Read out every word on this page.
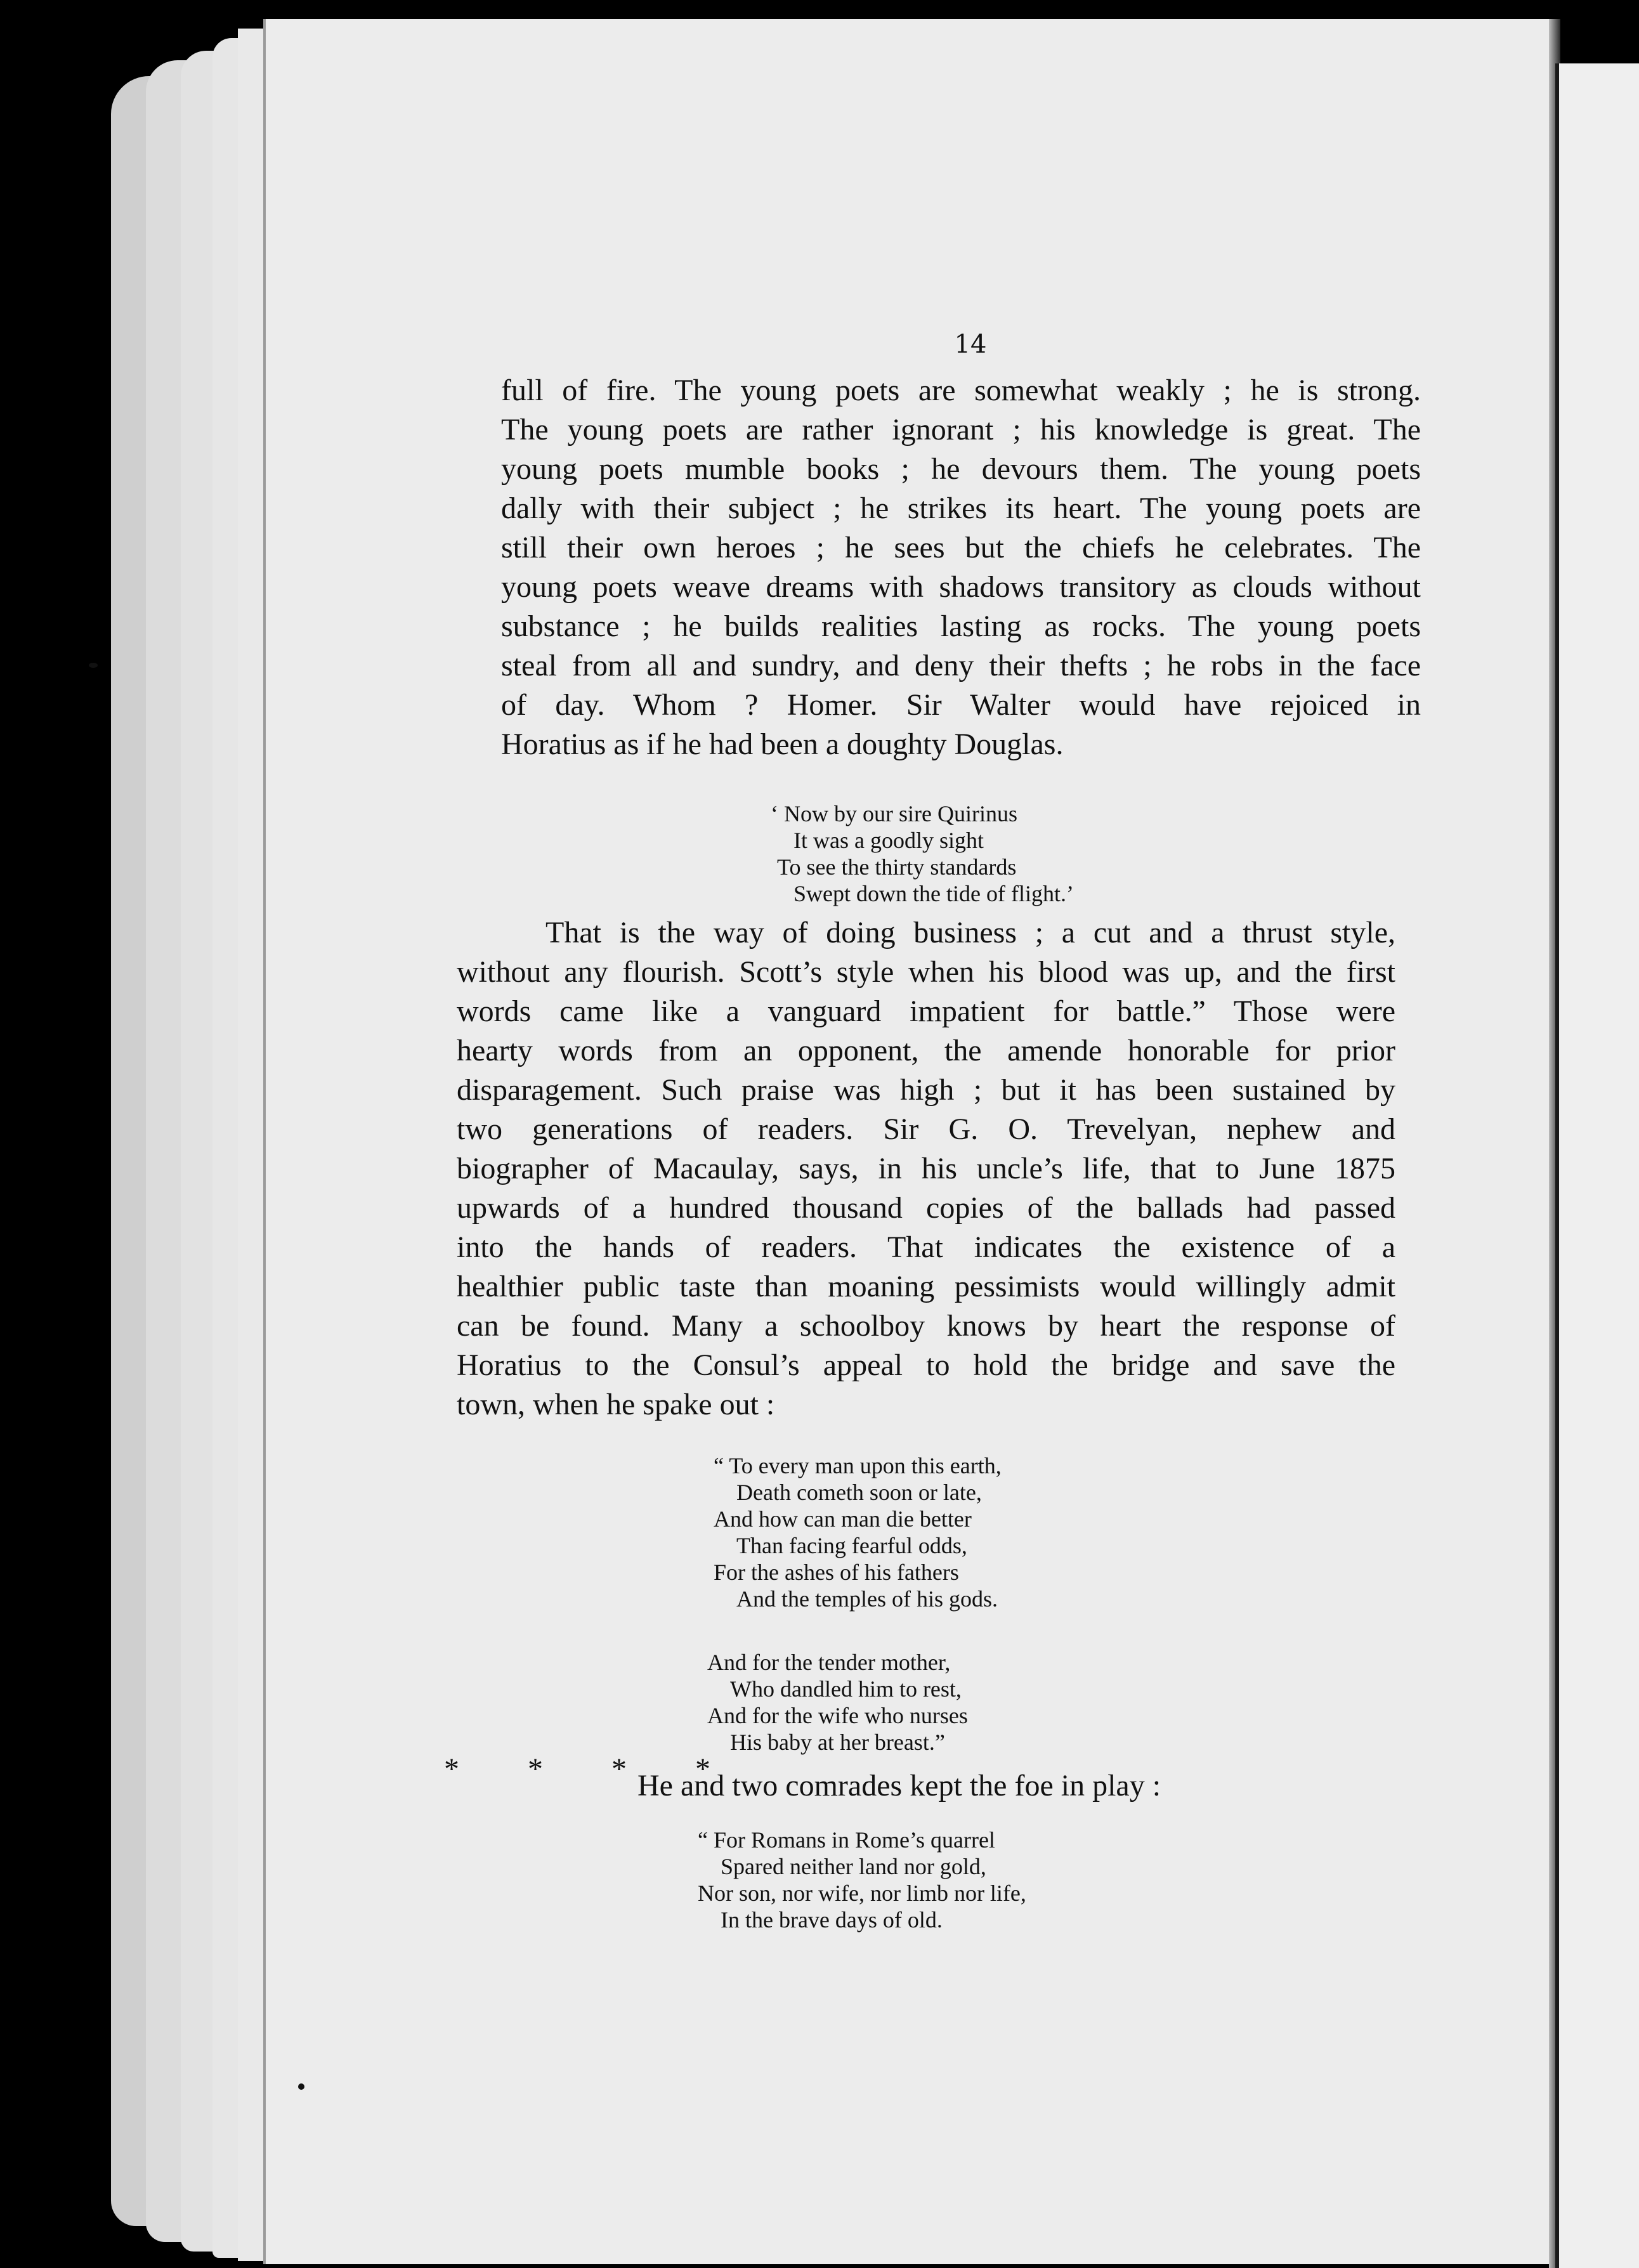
14
full of fire. The young poets are somewhat weakly ; he is strong.
The young poets are rather ignorant ; his knowledge is great. The
young poets mumble books ; he devours them. The young poets
dally with their subject ; he strikes its heart. The young poets are
still their own heroes ; he sees but the chiefs he celebrates. The
young poets weave dreams with shadows transitory as clouds without
substance ; he builds realities lasting as rocks. The young poets
steal from all and sundry, and deny their thefts ; he robs in the face
of day. Whom ? Homer. Sir Walter would have rejoiced in
Horatius as if he had been a doughty Douglas.
‘ Now by our sire Quirinus
It was a goodly sight
To see the thirty standards
Swept down the tide of flight.’
That is the way of doing business ; a cut and a thrust style,
without any flourish. Scott’s style when his blood was up, and the first
words came like a vanguard impatient for battle.” Those were
hearty words from an opponent, the amende honorable for prior
disparagement. Such praise was high ; but it has been sustained by
two generations of readers. Sir G. O. Trevelyan, nephew and
biographer of Macaulay, says, in his uncle’s life, that to June 1875
upwards of a hundred thousand copies of the ballads had passed
into the hands of readers. That indicates the existence of a
healthier public taste than moaning pessimists would willingly admit
can be found. Many a schoolboy knows by heart the response of
Horatius to the Consul’s appeal to hold the bridge and save the
town, when he spake out :
“ To every man upon this earth,
Death cometh soon or late,
And how can man die better
Than facing fearful odds,
For the ashes of his fathers
And the temples of his gods.
And for the tender mother,
Who dandled him to rest,
And for the wife who nurses
His baby at her breast.”
* * * *
He and two comrades kept the foe in play :
“ For Romans in Rome’s quarrel
Spared neither land nor gold,
Nor son, nor wife, nor limb nor life,
In the brave days of old.
